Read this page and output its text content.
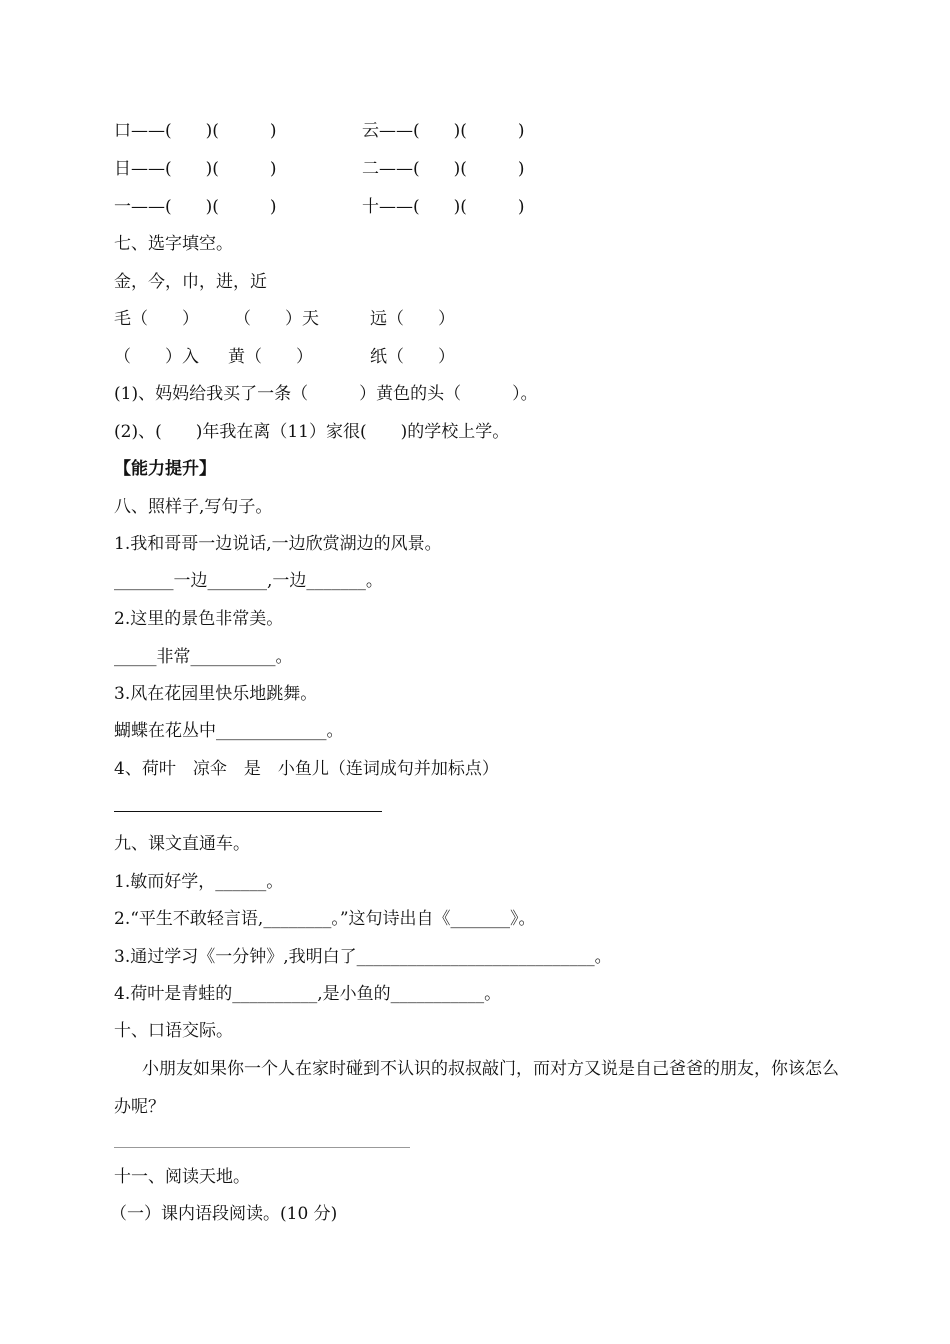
口——(　　)(　　　)	云——(　　)(　　　)
日——(　　)(　　　)	二——(　　)(　　　)
一——(　　)(　　　)	十——(　　)(　　　)
七、选字填空。
金，今，巾，进，近
毛（　　） （　　）天	远（　　）
（　　）入 黄（　　）	纸（　　）
(1)、妈妈给我买了一条（　　　）黄色的头（　　　）。
(2)、(　　)年我在离（11）家很(　　)的学校上学。
【能力提升】
八、照样子,写句子。
1.我和哥哥一边说话,一边欣赏湖边的风景。
_______一边_______,一边_______。
2.这里的景色非常美。
_____非常__________。
3.风在花园里快乐地跳舞。
蝴蝶在花丛中_____________。
4、荷叶　凉伞　是　小鱼儿（连词成句并加标点）
九、课文直通车。
1.敏而好学，______。
2.“平生不敢轻言语,________。”这句诗出自《_______》。
3.通过学习《一分钟》,我明白了____________________________。
4.荷叶是青蛙的__________,是小鱼的___________。
十、口语交际。
小朋友如果你一个人在家时碰到不认识的叔叔敲门，而对方又说是自己爸爸的朋友，你该怎么办呢？
十一、阅读天地。
（一）课内语段阅读。(10 分)
